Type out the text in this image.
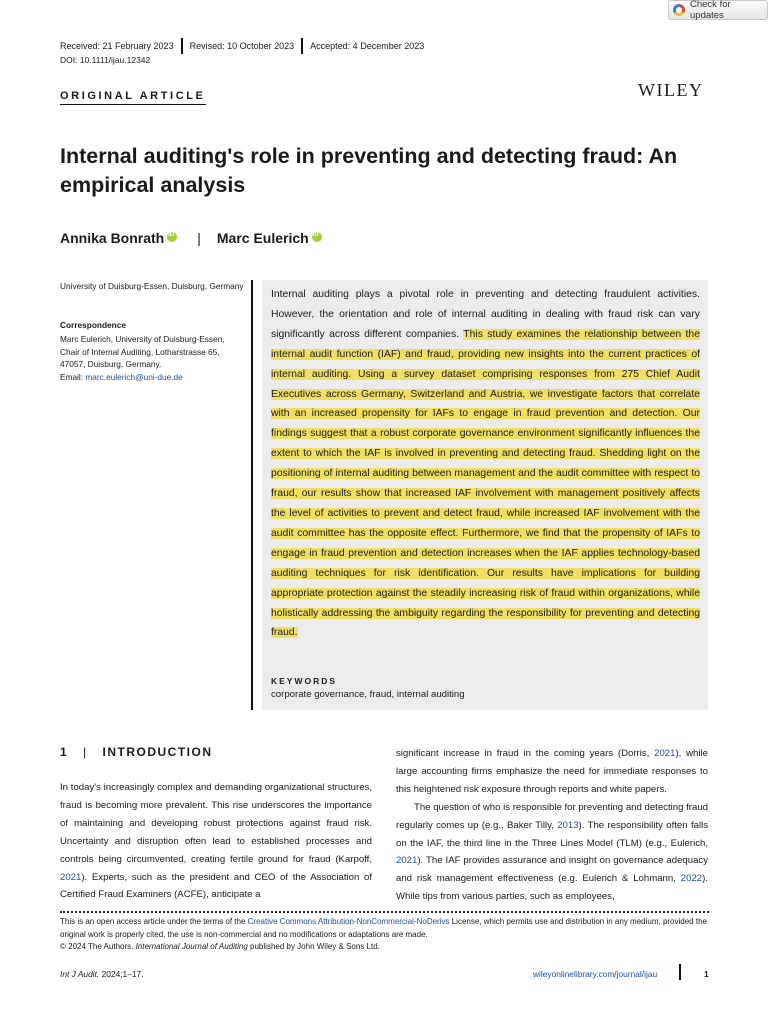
Check for updates
Received: 21 February 2023	Revised: 10 October 2023	Accepted: 4 December 2023
DOI: 10.1111/ijau.12342
ORIGINAL ARTICLE	WILEY
Internal auditing's role in preventing and detecting fraud: An empirical analysis
Annika Bonrath
iD | Marc Eulerich
iD
University of Duisburg-Essen, Duisburg, Germany
Correspondence
Marc Eulerich, University of Duisburg-Essen, Chair of Internal Auditing, Lotharstrasse 65, 47057, Duisburg, Germany.
Email: marc.eulerich@uni-due.de
Internal auditing plays a pivotal role in preventing and detecting fraudulent activities. However, the orientation and role of internal auditing in dealing with fraud risk can vary significantly across different companies. This study examines the relationship between the internal audit function (IAF) and fraud, providing new insights into the current practices of internal auditing. Using a survey dataset comprising responses from 275 Chief Audit Executives across Germany, Switzerland and Austria, we investigate factors that correlate with an increased propensity for IAFs to engage in fraud prevention and detection. Our findings suggest that a robust corporate governance environment significantly influences the extent to which the IAF is involved in preventing and detecting fraud. Shedding light on the positioning of internal auditing between management and the audit committee with respect to fraud, our results show that increased IAF involvement with management positively affects the level of activities to prevent and detect fraud, while increased IAF involvement with the audit committee has the opposite effect. Furthermore, we find that the propensity of IAFs to engage in fraud prevention and detection increases when the IAF applies technology-based auditing techniques for risk identification. Our results have implications for building appropriate protection against the steadily increasing risk of fraud within organizations, while holistically addressing the ambiguity regarding the responsibility for preventing and detecting fraud.
KEYWORDS
corporate governance, fraud, internal auditing
1 | INTRODUCTION

In today's increasingly complex and demanding organizational structures, fraud is becoming more prevalent. This rise underscores the importance of maintaining and developing robust protections against fraud risk. Uncertainty and disruption often lead to established processes and controls being circumvented, creating fertile ground for fraud (Karpoff, 2021). Experts, such as the president and CEO of the Association of Certified Fraud Examiners (ACFE), anticipate a

significant increase in fraud in the coming years (Dorris, 2021), while large accounting firms emphasize the need for immediate responses to this heightened risk exposure through reports and white papers.

The question of who is responsible for preventing and detecting fraud regularly comes up (e.g., Baker Tilly, 2013). The responsibility often falls on the IAF, the third line in the Three Lines Model (TLM) (e.g., Eulerich, 2021). The IAF provides assurance and insight on governance adequacy and risk management effectiveness (e.g. Eulerich & Lohmann, 2022). While tips from various parties, such as employees,

This is an open access article under the terms of the Creative Commons Attribution-NonCommercial-NoDerivs License, which permits use and distribution in any medium, provided the original work is properly cited, the use is non-commercial and no modifications or adaptations are made.
© 2024 The Authors. International Journal of Auditing published by John Wiley & Sons Ltd.
Int J Audit. 2024;1–17.	wileyonlinelibrary.com/journal/ijau	1
